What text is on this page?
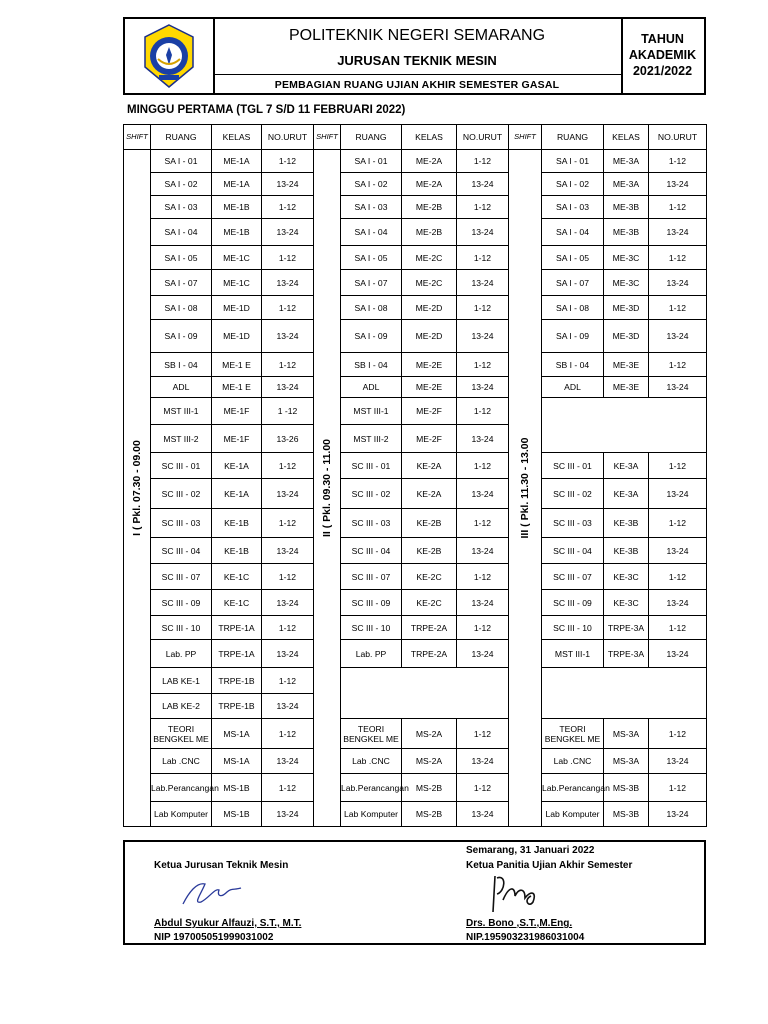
POLITEKNIK NEGERI SEMARANG
JURUSAN TEKNIK MESIN
PEMBAGIAN RUANG UJIAN AKHIR SEMESTER GASAL
TAHUN
AKADEMIK
2021/2022
MINGGU PERTAMA (TGL 7 S/D 11 FEBRUARI 2022)
SHIFT	RUANG	KELAS	NO.URUT	SHIFT	RUANG	KELAS	NO.URUT	SHIFT	RUANG	KELAS	NO.URUT

I ( Pkl. 07.30 - 09.00	SA I - 01	ME-1A	1-12	II ( Pkl. 09.30 - 11.00	SA I - 01	ME-2A	1-12	III ( Pkl. 11.30 - 13.00	SA I - 01	ME-3A	1-12
	SA I - 02	ME-1A	13-24		SA I - 02	ME-2A	13-24		SA I - 02	ME-3A	13-24
	SA I - 03	ME-1B	1-12		SA I - 03	ME-2B	1-12		SA I - 03	ME-3B	1-12
	SA I - 04	ME-1B	13-24		SA I - 04	ME-2B	13-24		SA I - 04	ME-3B	13-24
	SA I - 05	ME-1C	1-12		SA I - 05	ME-2C	1-12		SA I - 05	ME-3C	1-12
	SA I - 07	ME-1C	13-24		SA I - 07	ME-2C	13-24		SA I - 07	ME-3C	13-24
	SA I - 08	ME-1D	1-12		SA I - 08	ME-2D	1-12		SA I - 08	ME-3D	1-12
	SA I - 09	ME-1D	13-24		SA I - 09	ME-2D	13-24		SA I - 09	ME-3D	13-24
	SB I - 04	ME-1 E	1-12		SB I - 04	ME-2E	1-12		SB I - 04	ME-3E	1-12
	ADL	ME-1 E	13-24		ADL	ME-2E	13-24		ADL	ME-3E	13-24
	MST III-1	ME-1F	1 -12		MST III-1	ME-2F	1-12				
	MST III-2	ME-1F	13-26		MST III-2	ME-2F	13-24				
	SC III - 01	KE-1A	1-12		SC III - 01	KE-2A	1-12		SC III - 01	KE-3A	1-12
	SC III - 02	KE-1A	13-24		SC III - 02	KE-2A	13-24		SC III - 02	KE-3A	13-24
	SC III - 03	KE-1B	1-12		SC III - 03	KE-2B	1-12		SC III - 03	KE-3B	1-12
	SC III - 04	KE-1B	13-24		SC III - 04	KE-2B	13-24		SC III - 04	KE-3B	13-24
	SC III - 07	KE-1C	1-12		SC III - 07	KE-2C	1-12		SC III - 07	KE-3C	1-12
	SC III - 09	KE-1C	13-24		SC III - 09	KE-2C	13-24		SC III - 09	KE-3C	13-24
	SC III - 10	TRPE-1A	1-12		SC III - 10	TRPE-2A	1-12		SC III - 10	TRPE-3A	1-12
	Lab. PP	TRPE-1A	13-24		Lab. PP	TRPE-2A	13-24		MST III-1	TRPE-3A	13-24
	LAB KE-1	TRPE-1B	1-12								
	LAB KE-2	TRPE-1B	13-24								
	TEORI BENGKEL ME	MS-1A	1-12		TEORI BENGKEL ME	MS-2A	1-12		TEORI BENGKEL ME	MS-3A	1-12
	Lab .CNC	MS-1A	13-24		Lab .CNC	MS-2A	13-24		Lab .CNC	MS-3A	13-24
	Lab.Perancangan	MS-1B	1-12		Lab.Perancangan	MS-2B	1-12		Lab.Perancangan	MS-3B	1-12
	Lab Komputer	MS-1B	13-24		Lab Komputer	MS-2B	13-24		Lab Komputer	MS-3B	13-24
Semarang, 31 Januari 2022
Ketua Jurusan Teknik Mesin	Ketua Panitia Ujian Akhir Semester
Abdul Syukur Alfauzi, S.T., M.T.
NIP 197005051999031002
Drs. Bono ,S.T.,M.Eng.
NIP.195903231986031004
